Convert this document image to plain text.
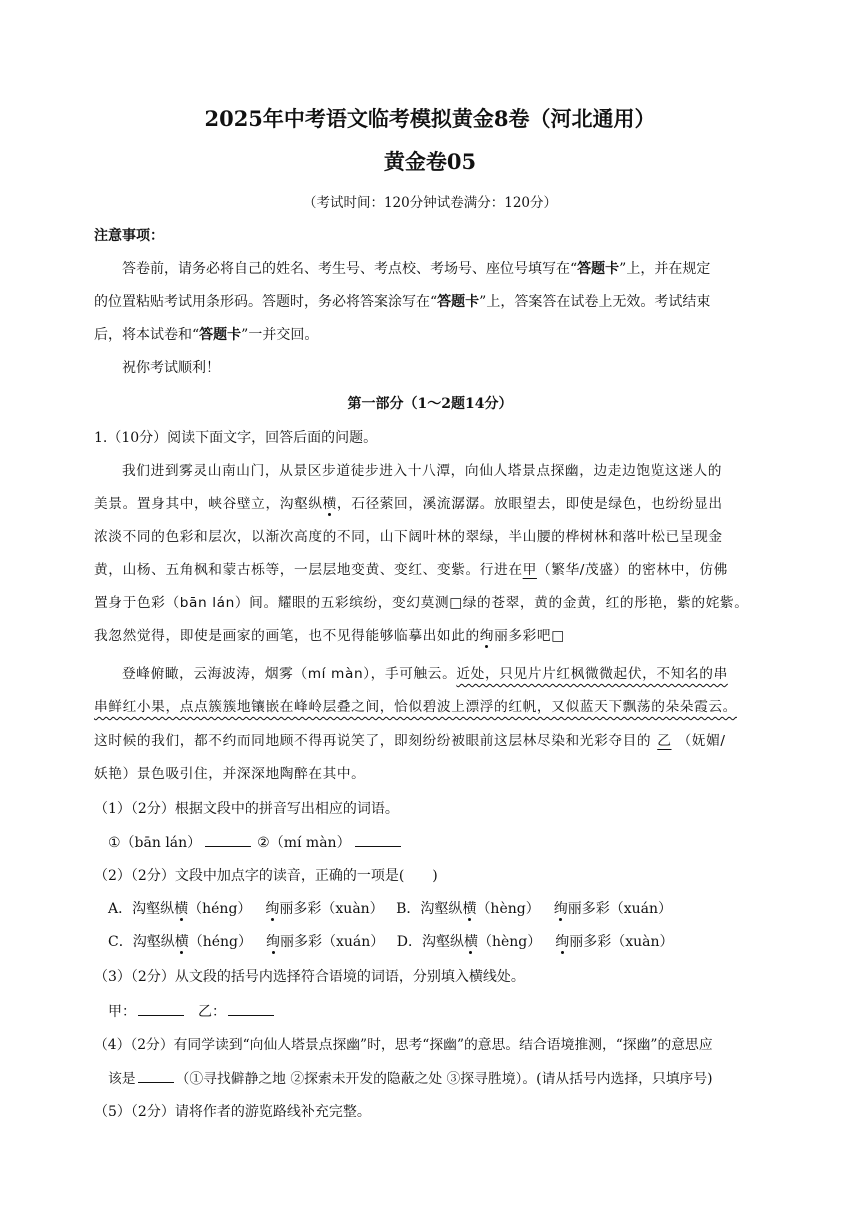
2025年中考语文临考模拟黄金8卷（河北通用）
黄金卷05
（考试时间：120分钟试卷满分：120分）
注意事项：
答卷前，请务必将自己的姓名、考生号、考点校、考场号、座位号填写在“答题卡”上，并在规定
的位置粘贴考试用条形码。答题时，务必将答案涂写在“答题卡”上，答案答在试卷上无效。考试结束
后，将本试卷和“答题卡”一并交回。
祝你考试顺利！
第一部分（1～2题14分）
1.（10分）阅读下面文字，回答后面的问题。
我们进到雾灵山南山门，从景区步道徒步进入十八潭，向仙人塔景点探幽，边走边饱览这迷人的
美景。置身其中，峡谷壁立，沟壑纵横，石径萦回，溪流潺潺。放眼望去，即使是绿色，也纷纷显出
浓淡不同的色彩和层次，以渐次高度的不同，山下阔叶林的翠绿，半山腰的桦树林和落叶松已呈现金
黄，山杨、五角枫和蒙古栎等，一层层地变黄、变红、变紫。行进在甲（繁华/茂盛）的密林中，仿佛
置身于色彩（bān lán）间。耀眼的五彩缤纷，变幻莫测□绿的苍翠，黄的金黄，红的彤艳，紫的姹紫。
我忽然觉得，即使是画家的画笔，也不见得能够临摹出如此的绚丽多彩吧□
登峰俯瞰，云海波涛，烟雾（mí màn），手可触云。近处，只见片片红枫微微起伏，不知名的串
串鲜红小果，点点簇簇地镶嵌在峰岭层叠之间，恰似碧波上漂浮的红帆，又似蓝天下飘荡的朵朵霞云。
这时候的我们，都不约而同地顾不得再说笑了，即刻纷纷被眼前这层林尽染和光彩夺目的 乙 （妩媚/
妖艳）景色吸引住，并深深地陶醉在其中。
（1）（2分）根据文段中的拼音写出相应的词语。
①（bān lán）	②（mí màn）
（2）（2分）文段中加点字的读音，正确的一项是(　　)
A．沟壑纵横（héng） 绚丽多彩（xuàn） B．沟壑纵横（hèng） 绚丽多彩（xuán）
C．沟壑纵横（héng） 绚丽多彩（xuán） D．沟壑纵横（hèng） 绚丽多彩（xuàn）
（3）（2分）从文段的括号内选择符合语境的词语，分别填入横线处。
甲：	乙：
（4）（2分）有同学读到“向仙人塔景点探幽”时，思考“探幽”的意思。结合语境推测，“探幽”的意思应
该是	（①寻找僻静之地 ②探索未开发的隐蔽之处 ③探寻胜境）。(请从括号内选择，只填序号)
（5）（2分）请将作者的游览路线补充完整。
